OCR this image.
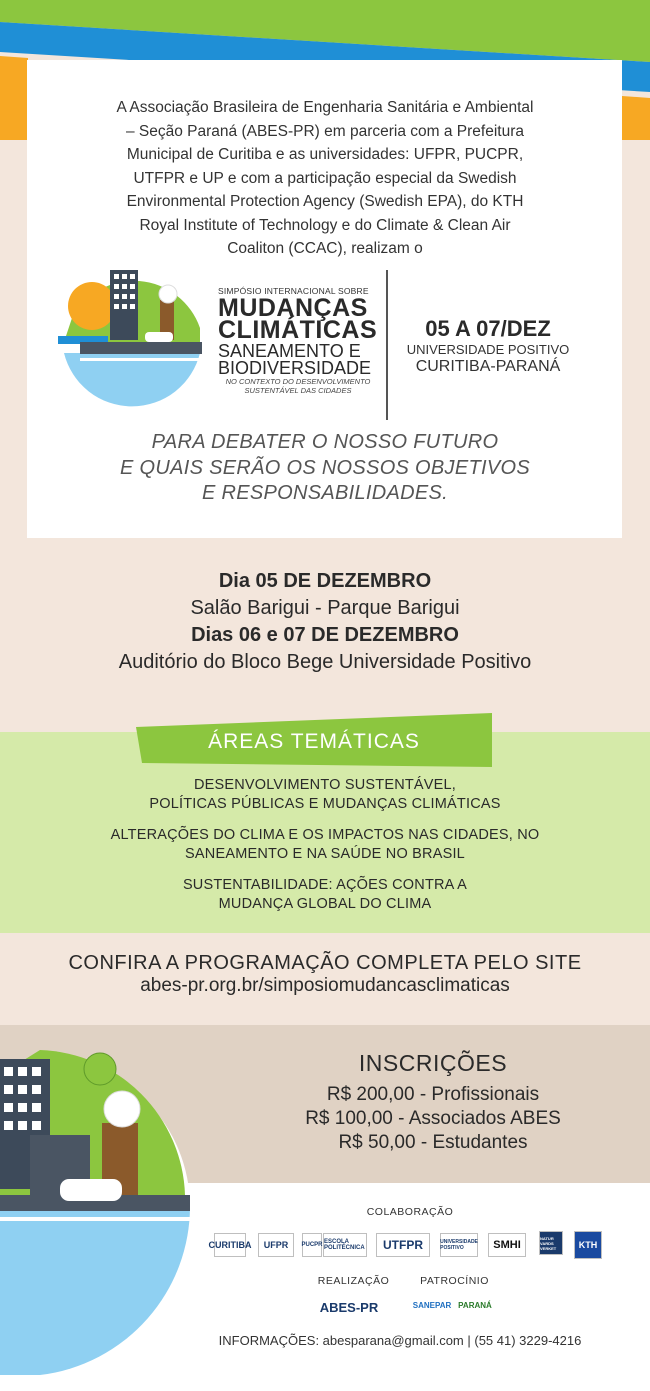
A Associação Brasileira de Engenharia Sanitária e Ambiental
– Seção Paraná (ABES-PR) em parceria com a Prefeitura
Municipal de Curitiba e as universidades: UFPR, PUCPR,
UTFPR e UP e com a participação especial da Swedish
Environmental Protection Agency (Swedish EPA), do KTH
Royal Institute of Technology e do Climate & Clean Air
Coaliton (CCAC), realizam o
SIMPÓSIO INTERNACIONAL SOBRE
MUDANÇAS
CLIMÁTICAS
SANEAMENTO E
BIODIVERSIDADE
NO CONTEXTO DO DESENVOLVIMENTO
SUSTENTÁVEL DAS CIDADES
05 A 07/DEZ
UNIVERSIDADE POSITIVO
CURITIBA-PARANÁ
PARA DEBATER O NOSSO FUTURO
E QUAIS SERÃO OS NOSSOS OBJETIVOS
E RESPONSABILIDADES.
Dia 05 DE DEZEMBRO
Salão Barigui - Parque Barigui
Dias 06 e 07 DE DEZEMBRO
Auditório do Bloco Bege Universidade Positivo
ÁREAS TEMÁTICAS
DESENVOLVIMENTO SUSTENTÁVEL,
POLÍTICAS PÚBLICAS E MUDANÇAS CLIMÁTICAS
ALTERAÇÕES DO CLIMA E OS IMPACTOS NAS CIDADES, NO
SANEAMENTO E NA SAÚDE NO BRASIL
SUSTENTABILIDADE: AÇÕES CONTRA A
MUDANÇA GLOBAL DO CLIMA
CONFIRA A PROGRAMAÇÃO COMPLETA PELO SITE
abes-pr.org.br/simposiomudancasclimaticas
INSCRIÇÕES
R$ 200,00 - Profissionais
R$ 100,00 - Associados ABES
R$ 50,00 - Estudantes
COLABORAÇÃO
CURITIBA	UFPR	PUCPR ESCOLA POLITÉCNICA	UTFPR	UNIVERSIDADE POSITIVO	SMHI
NATUR VARDS VERKET	KTH
REALIZAÇÃO	PATROCÍNIO
ABES-PR	SANEPAR PARANÁ
INFORMAÇÕES: abesparana@gmail.com | (55 41) 3229-4216
